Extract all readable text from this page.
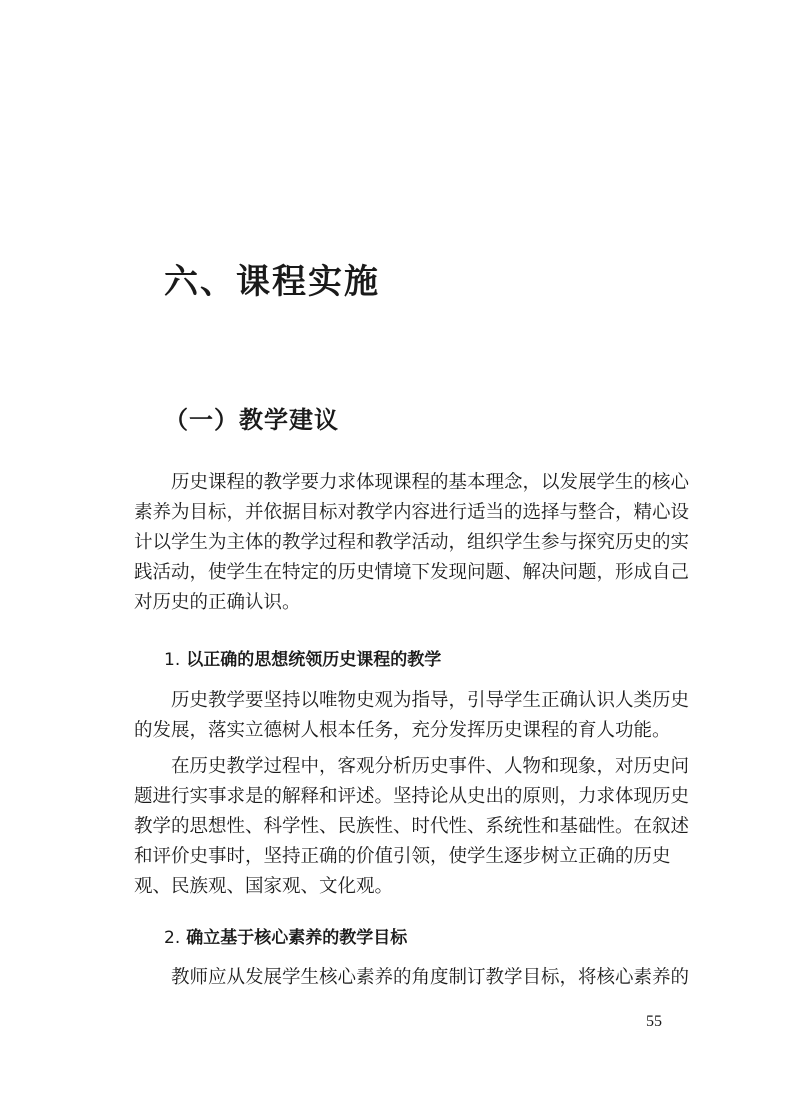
六、课程实施
（一）教学建议
历史课程的教学要力求体现课程的基本理念，以发展学生的核心
素养为目标，并依据目标对教学内容进行适当的选择与整合，精心设
计以学生为主体的教学过程和教学活动，组织学生参与探究历史的实
践活动，使学生在特定的历史情境下发现问题、解决问题，形成自己
对历史的正确认识。
1. 以正确的思想统领历史课程的教学
历史教学要坚持以唯物史观为指导，引导学生正确认识人类历史
的发展，落实立德树人根本任务，充分发挥历史课程的育人功能。
在历史教学过程中，客观分析历史事件、人物和现象，对历史问
题进行实事求是的解释和评述。坚持论从史出的原则，力求体现历史
教学的思想性、科学性、民族性、时代性、系统性和基础性。在叙述
和评价史事时，坚持正确的价值引领，使学生逐步树立正确的历史
观、民族观、国家观、文化观。
2. 确立基于核心素养的教学目标
教师应从发展学生核心素养的角度制订教学目标，将核心素养的
55
